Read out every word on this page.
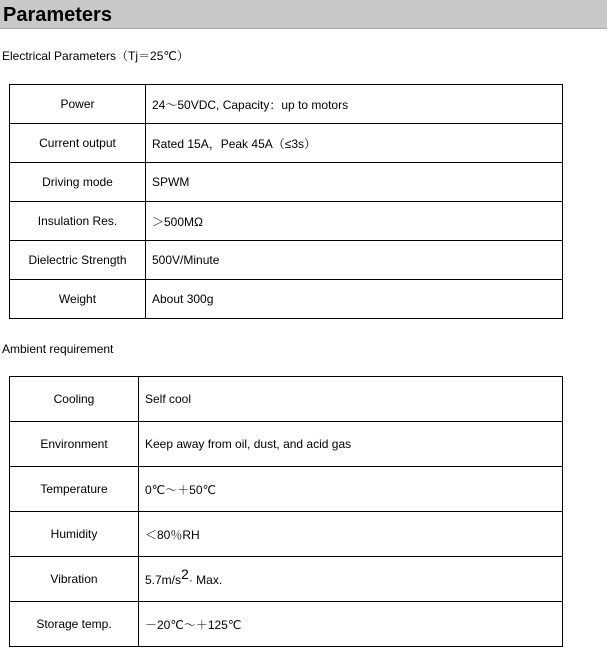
Parameters
Electrical Parameters（Tj＝25℃）
Power	24～50VDC, Capacity：up to motors
Current output	Rated 15A，Peak 45A（≤3s）
Driving mode	SPWM
Insulation Res.	＞500MΩ
Dielectric Strength	500V/Minute
Weight	About 300g
Ambient requirement
Cooling	Self cool
Environment	Keep away from oil, dust, and acid gas
Temperature	0℃～＋50℃
Humidity	＜80％RH
Vibration	5.7m/s2· Max.
Storage temp.	－20℃～＋125℃
